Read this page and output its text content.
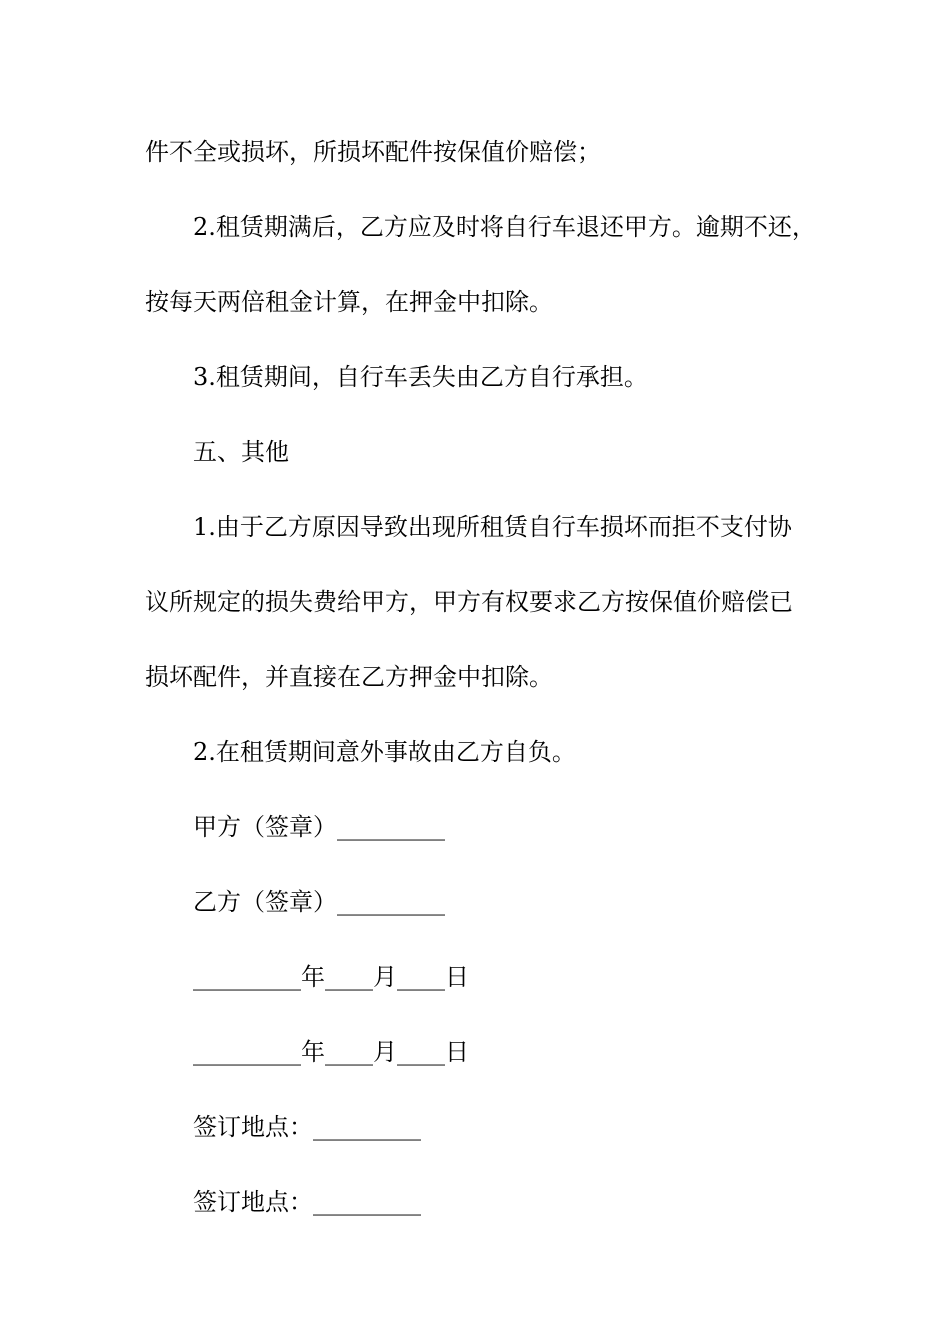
件不全或损坏，所损坏配件按保值价赔偿；
2.租赁期满后，乙方应及时将自行车退还甲方。逾期不还，
按每天两倍租金计算，在押金中扣除。
3.租赁期间，自行车丢失由乙方自行承担。
五、其他
1.由于乙方原因导致出现所租赁自行车损坏而拒不支付协
议所规定的损失费给甲方，甲方有权要求乙方按保值价赔偿已
损坏配件，并直接在乙方押金中扣除。
2.在租赁期间意外事故由乙方自负。
甲方（签章）_________
乙方（签章）_________
_________年____月____日
_________年____月____日
签订地点：_________
签订地点：_________
